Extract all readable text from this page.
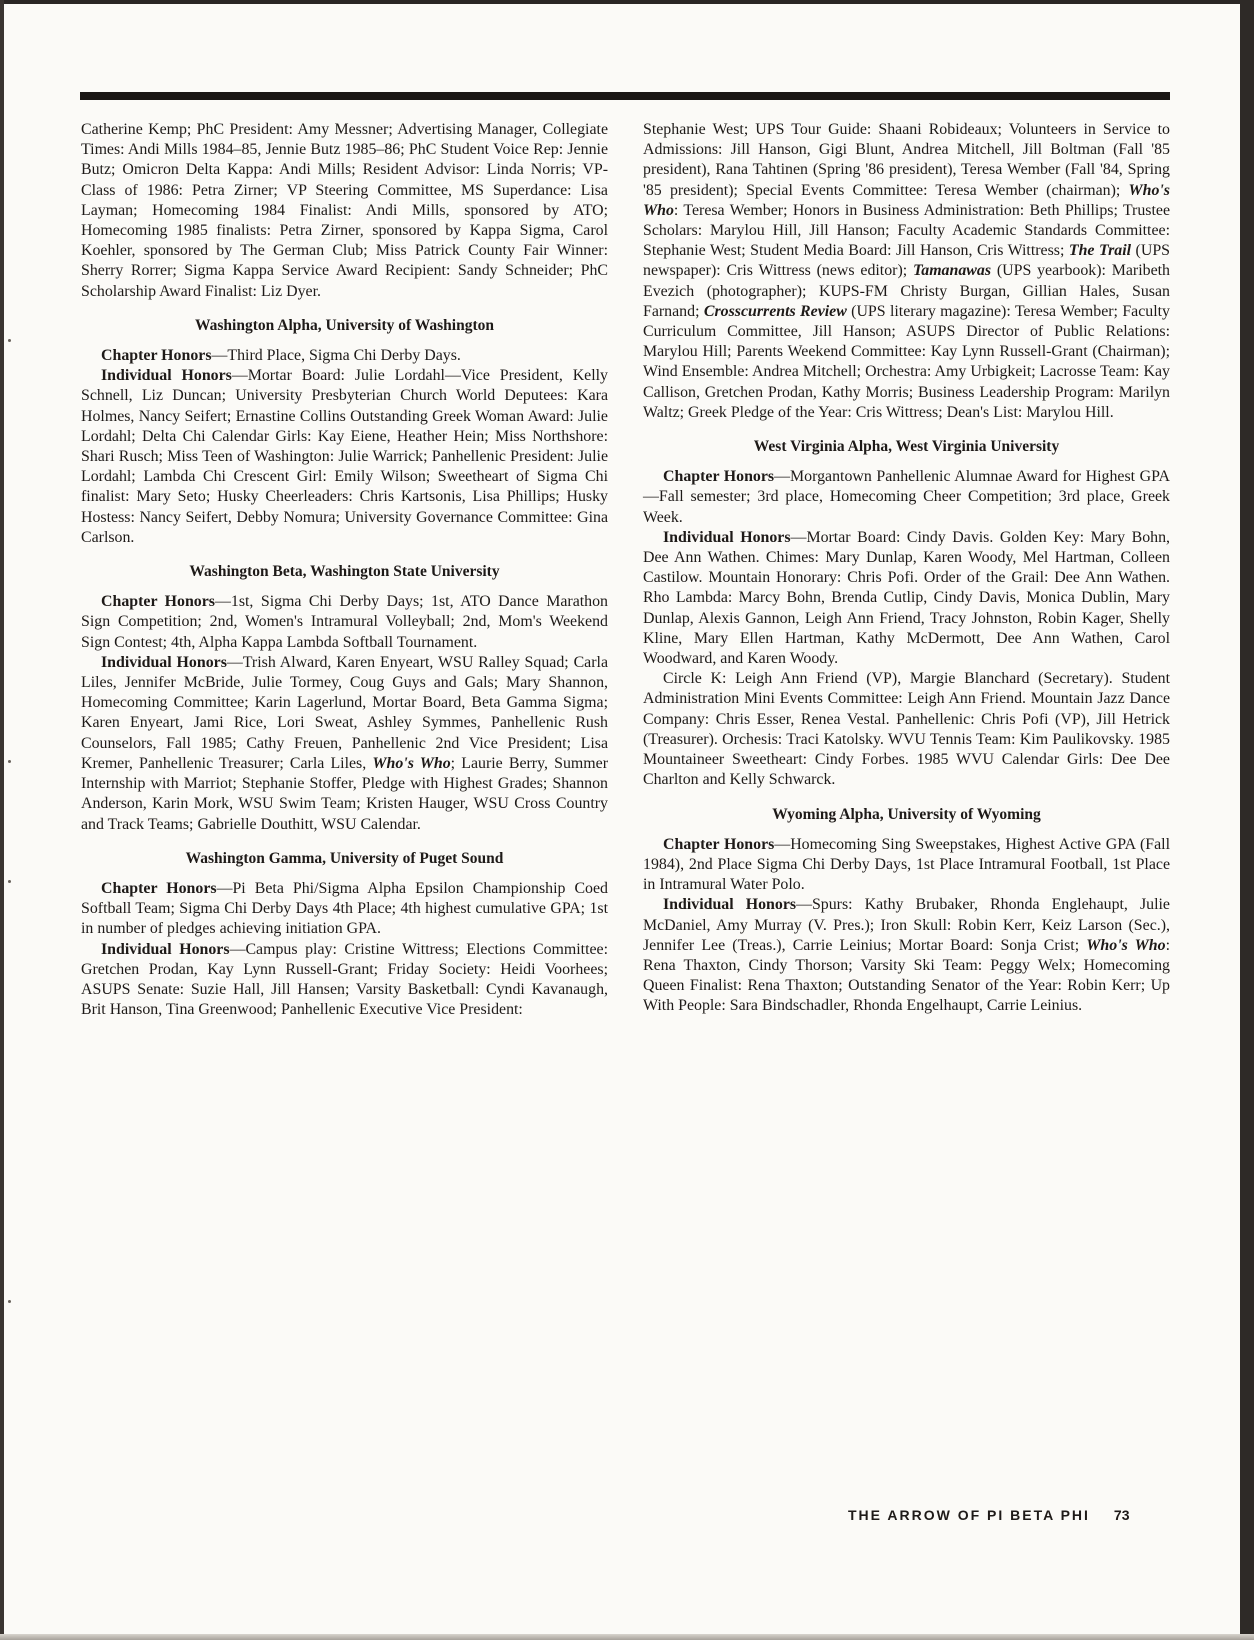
Catherine Kemp; PhC President: Amy Messner; Advertising Manager, Collegiate Times: Andi Mills 1984–85, Jennie Butz 1985–86; PhC Student Voice Rep: Jennie Butz; Omicron Delta Kappa: Andi Mills; Resident Advisor: Linda Norris; VP-Class of 1986: Petra Zirner; VP Steering Committee, MS Superdance: Lisa Layman; Homecoming 1984 Finalist: Andi Mills, sponsored by ATO; Homecoming 1985 finalists: Petra Zirner, sponsored by Kappa Sigma, Carol Koehler, sponsored by The German Club; Miss Patrick County Fair Winner: Sherry Rorrer; Sigma Kappa Service Award Recipient: Sandy Schneider; PhC Scholarship Award Finalist: Liz Dyer.

Washington Alpha, University of Washington

Chapter Honors—Third Place, Sigma Chi Derby Days.

Individual Honors—Mortar Board: Julie Lordahl—Vice President, Kelly Schnell, Liz Duncan; University Presbyterian Church World Deputees: Kara Holmes, Nancy Seifert; Ernastine Collins Outstanding Greek Woman Award: Julie Lordahl; Delta Chi Calendar Girls: Kay Eiene, Heather Hein; Miss Northshore: Shari Rusch; Miss Teen of Washington: Julie Warrick; Panhellenic President: Julie Lordahl; Lambda Chi Crescent Girl: Emily Wilson; Sweetheart of Sigma Chi finalist: Mary Seto; Husky Cheerleaders: Chris Kartsonis, Lisa Phillips; Husky Hostess: Nancy Seifert, Debby Nomura; University Governance Committee: Gina Carlson.

Washington Beta, Washington State University

Chapter Honors—1st, Sigma Chi Derby Days; 1st, ATO Dance Marathon Sign Competition; 2nd, Women's Intramural Volleyball; 2nd, Mom's Weekend Sign Contest; 4th, Alpha Kappa Lambda Softball Tournament.

Individual Honors—Trish Alward, Karen Enyeart, WSU Ralley Squad; Carla Liles, Jennifer McBride, Julie Tormey, Coug Guys and Gals; Mary Shannon, Homecoming Committee; Karin Lagerlund, Mortar Board, Beta Gamma Sigma; Karen Enyeart, Jami Rice, Lori Sweat, Ashley Symmes, Panhellenic Rush Counselors, Fall 1985; Cathy Freuen, Panhellenic 2nd Vice President; Lisa Kremer, Panhellenic Treasurer; Carla Liles, Who's Who; Laurie Berry, Summer Internship with Marriot; Stephanie Stoffer, Pledge with Highest Grades; Shannon Anderson, Karin Mork, WSU Swim Team; Kristen Hauger, WSU Cross Country and Track Teams; Gabrielle Douthitt, WSU Calendar.

Washington Gamma, University of Puget Sound

Chapter Honors—Pi Beta Phi/Sigma Alpha Epsilon Championship Coed Softball Team; Sigma Chi Derby Days 4th Place; 4th highest cumulative GPA; 1st in number of pledges achieving initiation GPA.

Individual Honors—Campus play: Cristine Wittress; Elections Committee: Gretchen Prodan, Kay Lynn Russell-Grant; Friday Society: Heidi Voorhees; ASUPS Senate: Suzie Hall, Jill Hansen; Varsity Basketball: Cyndi Kavanaugh, Brit Hanson, Tina Greenwood; Panhellenic Executive Vice President:

Stephanie West; UPS Tour Guide: Shaani Robideaux; Volunteers in Service to Admissions: Jill Hanson, Gigi Blunt, Andrea Mitchell, Jill Boltman (Fall '85 president), Rana Tahtinen (Spring '86 president), Teresa Wember (Fall '84, Spring '85 president); Special Events Committee: Teresa Wember (chairman); Who's Who: Teresa Wember; Honors in Business Administration: Beth Phillips; Trustee Scholars: Marylou Hill, Jill Hanson; Faculty Academic Standards Committee: Stephanie West; Student Media Board: Jill Hanson, Cris Wittress; The Trail (UPS newspaper): Cris Wittress (news editor); Tamanawas (UPS yearbook): Maribeth Evezich (photographer); KUPS-FM Christy Burgan, Gillian Hales, Susan Farnand; Crosscurrents Review (UPS literary magazine): Teresa Wember; Faculty Curriculum Committee, Jill Hanson; ASUPS Director of Public Relations: Marylou Hill; Parents Weekend Committee: Kay Lynn Russell-Grant (Chairman); Wind Ensemble: Andrea Mitchell; Orchestra: Amy Urbigkeit; Lacrosse Team: Kay Callison, Gretchen Prodan, Kathy Morris; Business Leadership Program: Marilyn Waltz; Greek Pledge of the Year: Cris Wittress; Dean's List: Marylou Hill.

West Virginia Alpha, West Virginia University

Chapter Honors—Morgantown Panhellenic Alumnae Award for Highest GPA—Fall semester; 3rd place, Homecoming Cheer Competition; 3rd place, Greek Week.

Individual Honors—Mortar Board: Cindy Davis. Golden Key: Mary Bohn, Dee Ann Wathen. Chimes: Mary Dunlap, Karen Woody, Mel Hartman, Colleen Castilow. Mountain Honorary: Chris Pofi. Order of the Grail: Dee Ann Wathen. Rho Lambda: Marcy Bohn, Brenda Cutlip, Cindy Davis, Monica Dublin, Mary Dunlap, Alexis Gannon, Leigh Ann Friend, Tracy Johnston, Robin Kager, Shelly Kline, Mary Ellen Hartman, Kathy McDermott, Dee Ann Wathen, Carol Woodward, and Karen Woody.

Circle K: Leigh Ann Friend (VP), Margie Blanchard (Secretary). Student Administration Mini Events Committee: Leigh Ann Friend. Mountain Jazz Dance Company: Chris Esser, Renea Vestal. Panhellenic: Chris Pofi (VP), Jill Hetrick (Treasurer). Orchesis: Traci Katolsky. WVU Tennis Team: Kim Paulikovsky. 1985 Mountaineer Sweetheart: Cindy Forbes. 1985 WVU Calendar Girls: Dee Dee Charlton and Kelly Schwarck.

Wyoming Alpha, University of Wyoming

Chapter Honors—Homecoming Sing Sweepstakes, Highest Active GPA (Fall 1984), 2nd Place Sigma Chi Derby Days, 1st Place Intramural Football, 1st Place in Intramural Water Polo.

Individual Honors—Spurs: Kathy Brubaker, Rhonda Englehaupt, Julie McDaniel, Amy Murray (V. Pres.); Iron Skull: Robin Kerr, Keiz Larson (Sec.), Jennifer Lee (Treas.), Carrie Leinius; Mortar Board: Sonja Crist; Who's Who: Rena Thaxton, Cindy Thorson; Varsity Ski Team: Peggy Welx; Homecoming Queen Finalist: Rena Thaxton; Outstanding Senator of the Year: Robin Kerr; Up With People: Sara Bindschadler, Rhonda Engelhaupt, Carrie Leinius.

THE ARROW OF PI BETA PHI 73
